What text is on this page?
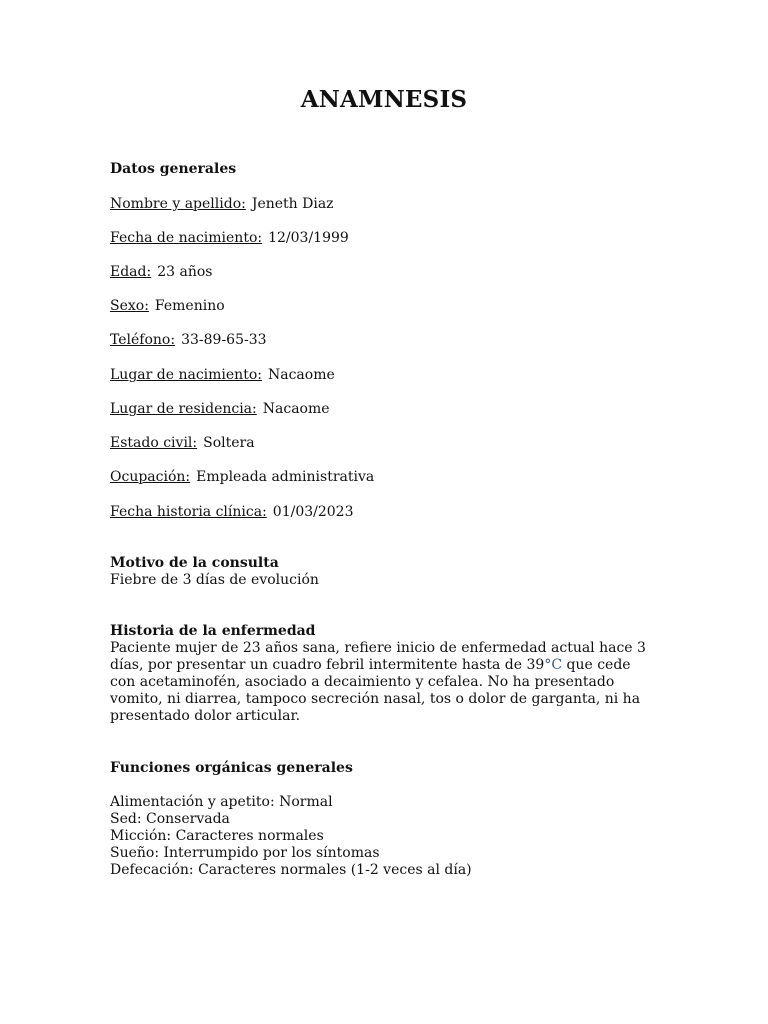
ANAMNESIS
Datos generales
Nombre y apellido: Jeneth Diaz
Fecha de nacimiento: 12/03/1999
Edad: 23 años
Sexo: Femenino
Teléfono: 33-89-65-33
Lugar de nacimiento: Nacaome
Lugar de residencia: Nacaome
Estado civil: Soltera
Ocupación: Empleada administrativa
Fecha historia clínica: 01/03/2023
Motivo de la consulta
Fiebre de 3 días de evolución
Historia de la enfermedad
Paciente mujer de 23 años sana, refiere inicio de enfermedad actual hace 3 días, por presentar un cuadro febril intermitente hasta de 39°C que cede con acetaminofén, asociado a decaimiento y cefalea. No ha presentado vomito, ni diarrea, tampoco secreción nasal, tos o dolor de garganta, ni ha presentado dolor articular.
Funciones orgánicas generales
Alimentación y apetito: Normal
Sed: Conservada
Micción: Caracteres normales
Sueño: Interrumpido por los síntomas
Defecación: Caracteres normales (1-2 veces al día)
